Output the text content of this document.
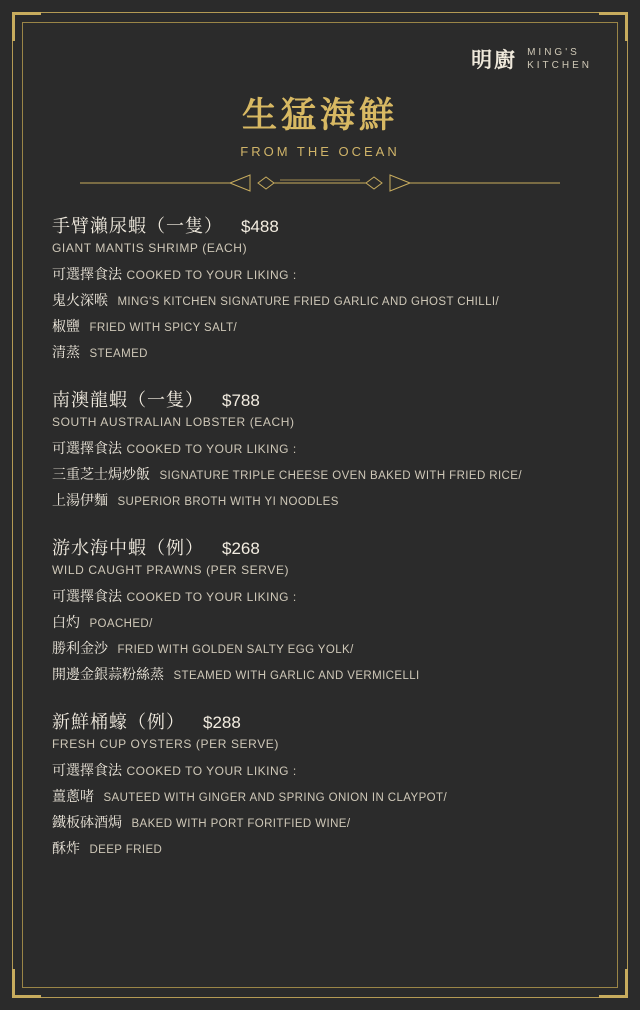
明廚 MING'S
KITCHEN
生猛海鮮
FROM THE OCEAN
手臂瀨尿蝦（一隻） $488
GIANT MANTIS SHRIMP (EACH)
可選擇食法 COOKED TO YOUR LIKING :
鬼火深喉 MING'S KITCHEN SIGNATURE FRIED GARLIC AND GHOST CHILLI/
椒鹽 FRIED WITH SPICY SALT/
清蒸 STEAMED
南澳龍蝦（一隻） $788
SOUTH AUSTRALIAN LOBSTER (EACH)
可選擇食法 COOKED TO YOUR LIKING :
三重芝士焗炒飯 SIGNATURE TRIPLE CHEESE OVEN BAKED WITH FRIED RICE/
上湯伊麵 SUPERIOR BROTH WITH YI NOODLES
游水海中蝦（例） $268
WILD CAUGHT PRAWNS (PER SERVE)
可選擇食法 COOKED TO YOUR LIKING :
白灼 POACHED/
勝利金沙 FRIED WITH GOLDEN SALTY EGG YOLK/
開邊金銀蒜粉絲蒸 STEAMED WITH GARLIC AND VERMICELLI
新鮮桶蠔（例） $288
FRESH CUP OYSTERS (PER SERVE)
可選擇食法 COOKED TO YOUR LIKING :
薑蔥啫 SAUTEED WITH GINGER AND SPRING ONION IN CLAYPOT/
鐵板砵酒焗 BAKED WITH PORT FORITFIED WINE/
酥炸 DEEP FRIED
